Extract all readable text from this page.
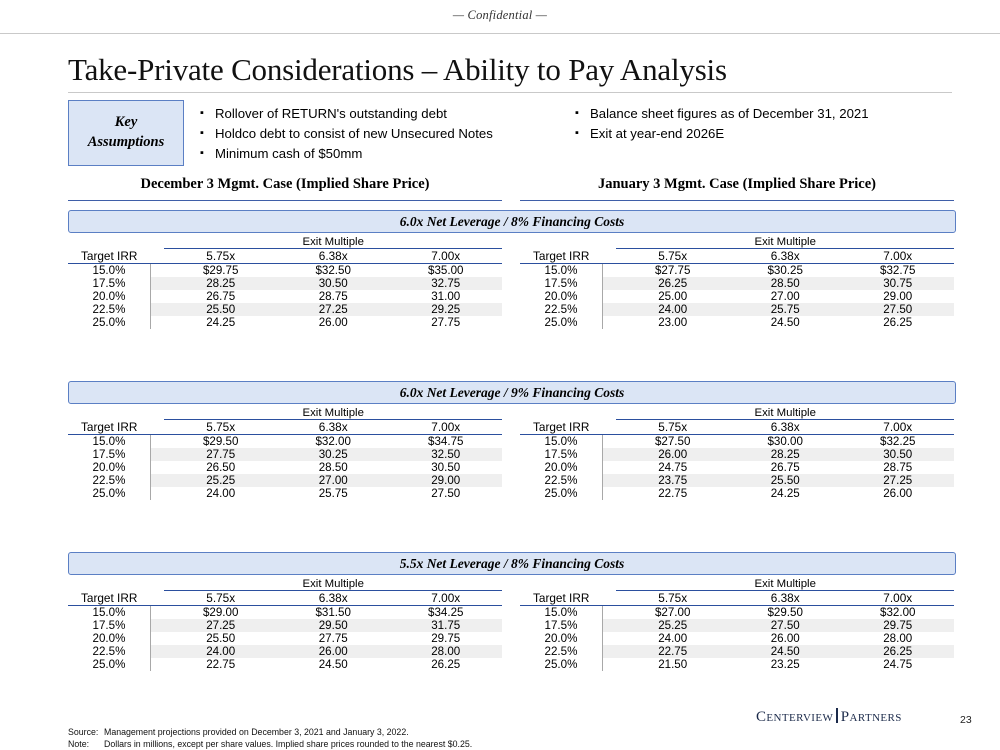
— Confidential —
Take-Private Considerations – Ability to Pay Analysis
Key
Assumptions
▪ Rollover of RETURN's outstanding debt
▪ Holdco debt to consist of new Unsecured Notes
▪ Minimum cash of $50mm
▪ Balance sheet figures as of December 31, 2021
▪ Exit at year-end 2026E
December 3 Mgmt. Case (Implied Share Price)	January 3 Mgmt. Case (Implied Share Price)
6.0x Net Leverage / 8% Financing Costs
		Exit Multiple		
Target IRR		5.75x	6.38x	7.00x
15.0%		$29.75	$32.50	$35.00
17.5%		28.25	30.50	32.75
20.0%		26.75	28.75	31.00
22.5%		25.50	27.25	29.25
25.0%		24.25	26.00	27.75
		Exit Multiple		
Target IRR		5.75x	6.38x	7.00x
15.0%		$27.75	$30.25	$32.75
17.5%		26.25	28.50	30.75
20.0%		25.00	27.00	29.00
22.5%		24.00	25.75	27.50
25.0%		23.00	24.50	26.25
6.0x Net Leverage / 9% Financing Costs
		Exit Multiple		
Target IRR		5.75x	6.38x	7.00x
15.0%		$29.50	$32.00	$34.75
17.5%		27.75	30.25	32.50
20.0%		26.50	28.50	30.50
22.5%		25.25	27.00	29.00
25.0%		24.00	25.75	27.50
		Exit Multiple		
Target IRR		5.75x	6.38x	7.00x
15.0%		$27.50	$30.00	$32.25
17.5%		26.00	28.25	30.50
20.0%		24.75	26.75	28.75
22.5%		23.75	25.50	27.25
25.0%		22.75	24.25	26.00
5.5x Net Leverage / 8% Financing Costs
		Exit Multiple		
Target IRR		5.75x	6.38x	7.00x
15.0%		$29.00	$31.50	$34.25
17.5%		27.25	29.50	31.75
20.0%		25.50	27.75	29.75
22.5%		24.00	26.00	28.00
25.0%		22.75	24.50	26.25
		Exit Multiple		
Target IRR		5.75x	6.38x	7.00x
15.0%		$27.00	$29.50	$32.00
17.5%		25.25	27.50	29.75
20.0%		24.00	26.00	28.00
22.5%		22.75	24.50	26.25
25.0%		21.50	23.25	24.75
Source: Management projections provided on December 3, 2021 and January 3, 2022.
Note: Dollars in millions, except per share values. Implied share prices rounded to the nearest $0.25.
Centerview Partners	23
